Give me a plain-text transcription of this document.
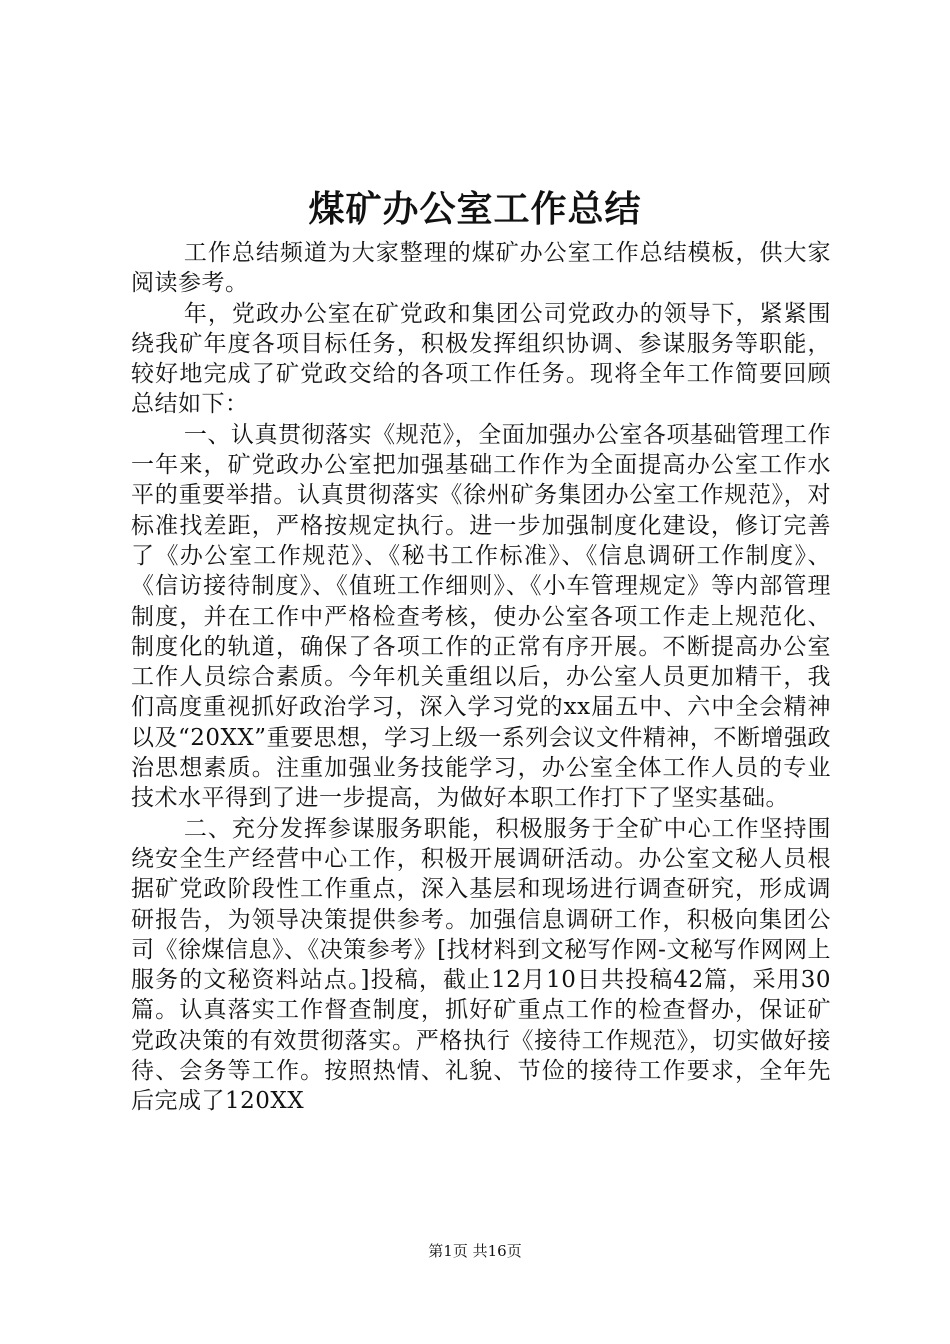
煤矿办公室工作总结

工作总结频道为大家整理的煤矿办公室工作总结模板，供大家阅读参考。

年，党政办公室在矿党政和集团公司党政办的领导下，紧紧围绕我矿年度各项目标任务，积极发挥组织协调、参谋服务等职能，较好地完成了矿党政交给的各项工作任务。现将全年工作简要回顾总结如下：

一、认真贯彻落实《规范》，全面加强办公室各项基础管理工作一年来，矿党政办公室把加强基础工作作为全面提高办公室工作水平的重要举措。认真贯彻落实《徐州矿务集团办公室工作规范》，对标准找差距，严格按规定执行。进一步加强制度化建设，修订完善了《办公室工作规范》、《秘书工作标准》、《信息调研工作制度》、《信访接待制度》、《值班工作细则》、《小车管理规定》等内部管理制度，并在工作中严格检查考核，使办公室各项工作走上规范化、制度化的轨道，确保了各项工作的正常有序开展。不断提高办公室工作人员综合素质。今年机关重组以后，办公室人员更加精干，我们高度重视抓好政治学习，深入学习党的xx届五中、六中全会精神以及“20XX”重要思想，学习上级一系列会议文件精神，不断增强政治思想素质。注重加强业务技能学习，办公室全体工作人员的专业技术水平得到了进一步提高，为做好本职工作打下了坚实基础。

二、充分发挥参谋服务职能，积极服务于全矿中心工作坚持围绕安全生产经营中心工作，积极开展调研活动。办公室文秘人员根据矿党政阶段性工作重点，深入基层和现场进行调查研究，形成调研报告，为领导决策提供参考。加强信息调研工作，积极向集团公司《徐煤信息》、《决策参考》[找材料到文秘写作网-文秘写作网网上服务的文秘资料站点。]投稿，截止12月10日共投稿42篇，采用30篇。认真落实工作督查制度，抓好矿重点工作的检查督办，保证矿党政决策的有效贯彻落实。严格执行《接待工作规范》，切实做好接待、会务等工作。按照热情、礼貌、节俭的接待工作要求，全年先后完成了120XX

第1页 共16页
